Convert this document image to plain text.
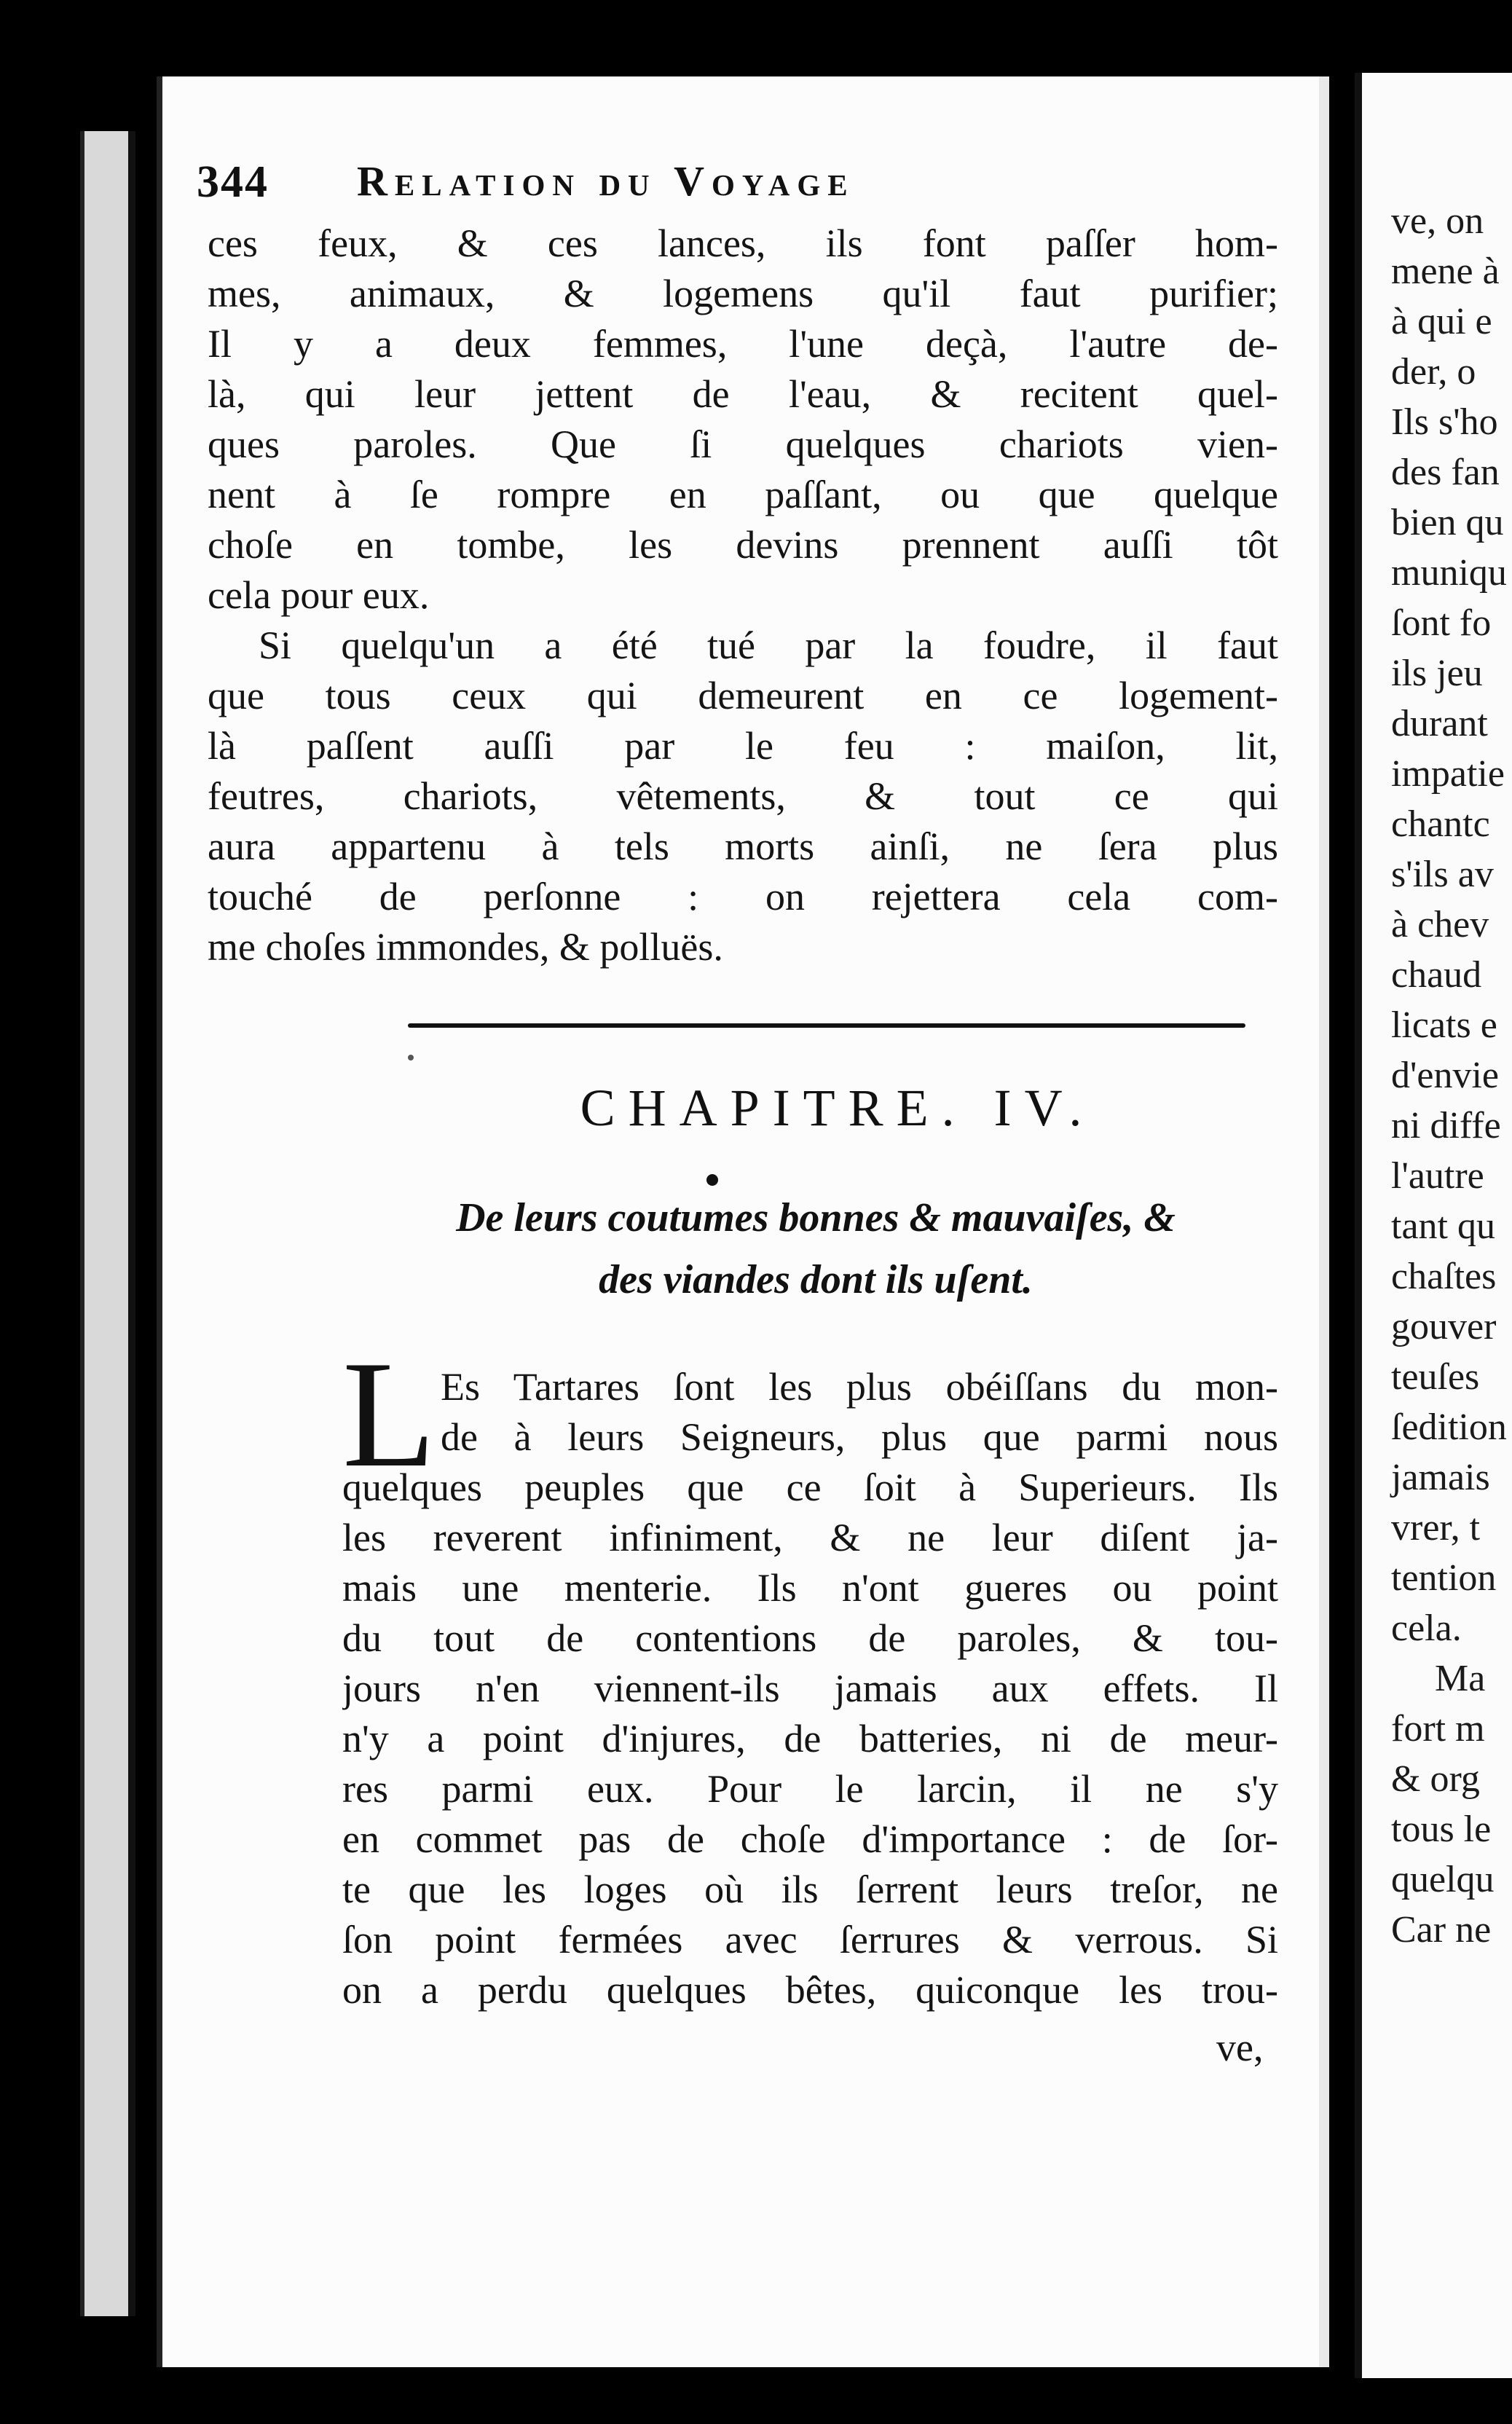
344 Relation du Voyage
ces feux, & ces lances, ils font paſſer hom-
mes, animaux, & logemens qu'il faut purifier;
Il y a deux femmes, l'une deçà, l'autre de-
là, qui leur jettent de l'eau, & recitent quel-
ques paroles. Que ſi quelques chariots vien-
nent à ſe rompre en paſſant, ou que quelque
choſe en tombe, les devins prennent auſſi tôt
cela pour eux.
Si quelqu'un a été tué par la foudre, il faut
que tous ceux qui demeurent en ce logement-
là paſſent auſſi par le feu : maiſon, lit,
feutres, chariots, vêtements, & tout ce qui
aura appartenu à tels morts ainſi, ne ſera plus
touché de perſonne : on rejettera cela com-
me choſes immondes, & polluës.
CHAPITRE. IV.
De leurs coutumes bonnes & mauvaiſes, &
des viandes dont ils uſent.
L Es Tartares ſont les plus obéiſſans du mon-
de à leurs Seigneurs, plus que parmi nous
quelques peuples que ce ſoit à Superieurs. Ils
les reverent infiniment, & ne leur diſent ja-
mais une menterie. Ils n'ont gueres ou point
du tout de contentions de paroles, & tou-
jours n'en viennent-ils jamais aux effets. Il
n'y a point d'injures, de batteries, ni de meur-
res parmi eux. Pour le larcin, il ne s'y
en commet pas de choſe d'importance : de ſor-
te que les loges où ils ſerrent leurs treſor, ne
ſon point fermées avec ſerrures & verrous. Si
on a perdu quelques bêtes, quiconque les trou-
ve,
ve, on
mene à
à qui e
der, o
Ils s'ho
des fan
bien qu
muniqu
ſont fo
ils jeu
durant
impatie
chantc
s'ils av
à chev
chaud
licats e
d'envie
ni diffe
l'autre
tant qu
chaſtes
gouver
teuſes
ſedition
jamais
vrer, t
tention
cela.
Ma
fort m
& org
tous le
quelqu
Car ne
